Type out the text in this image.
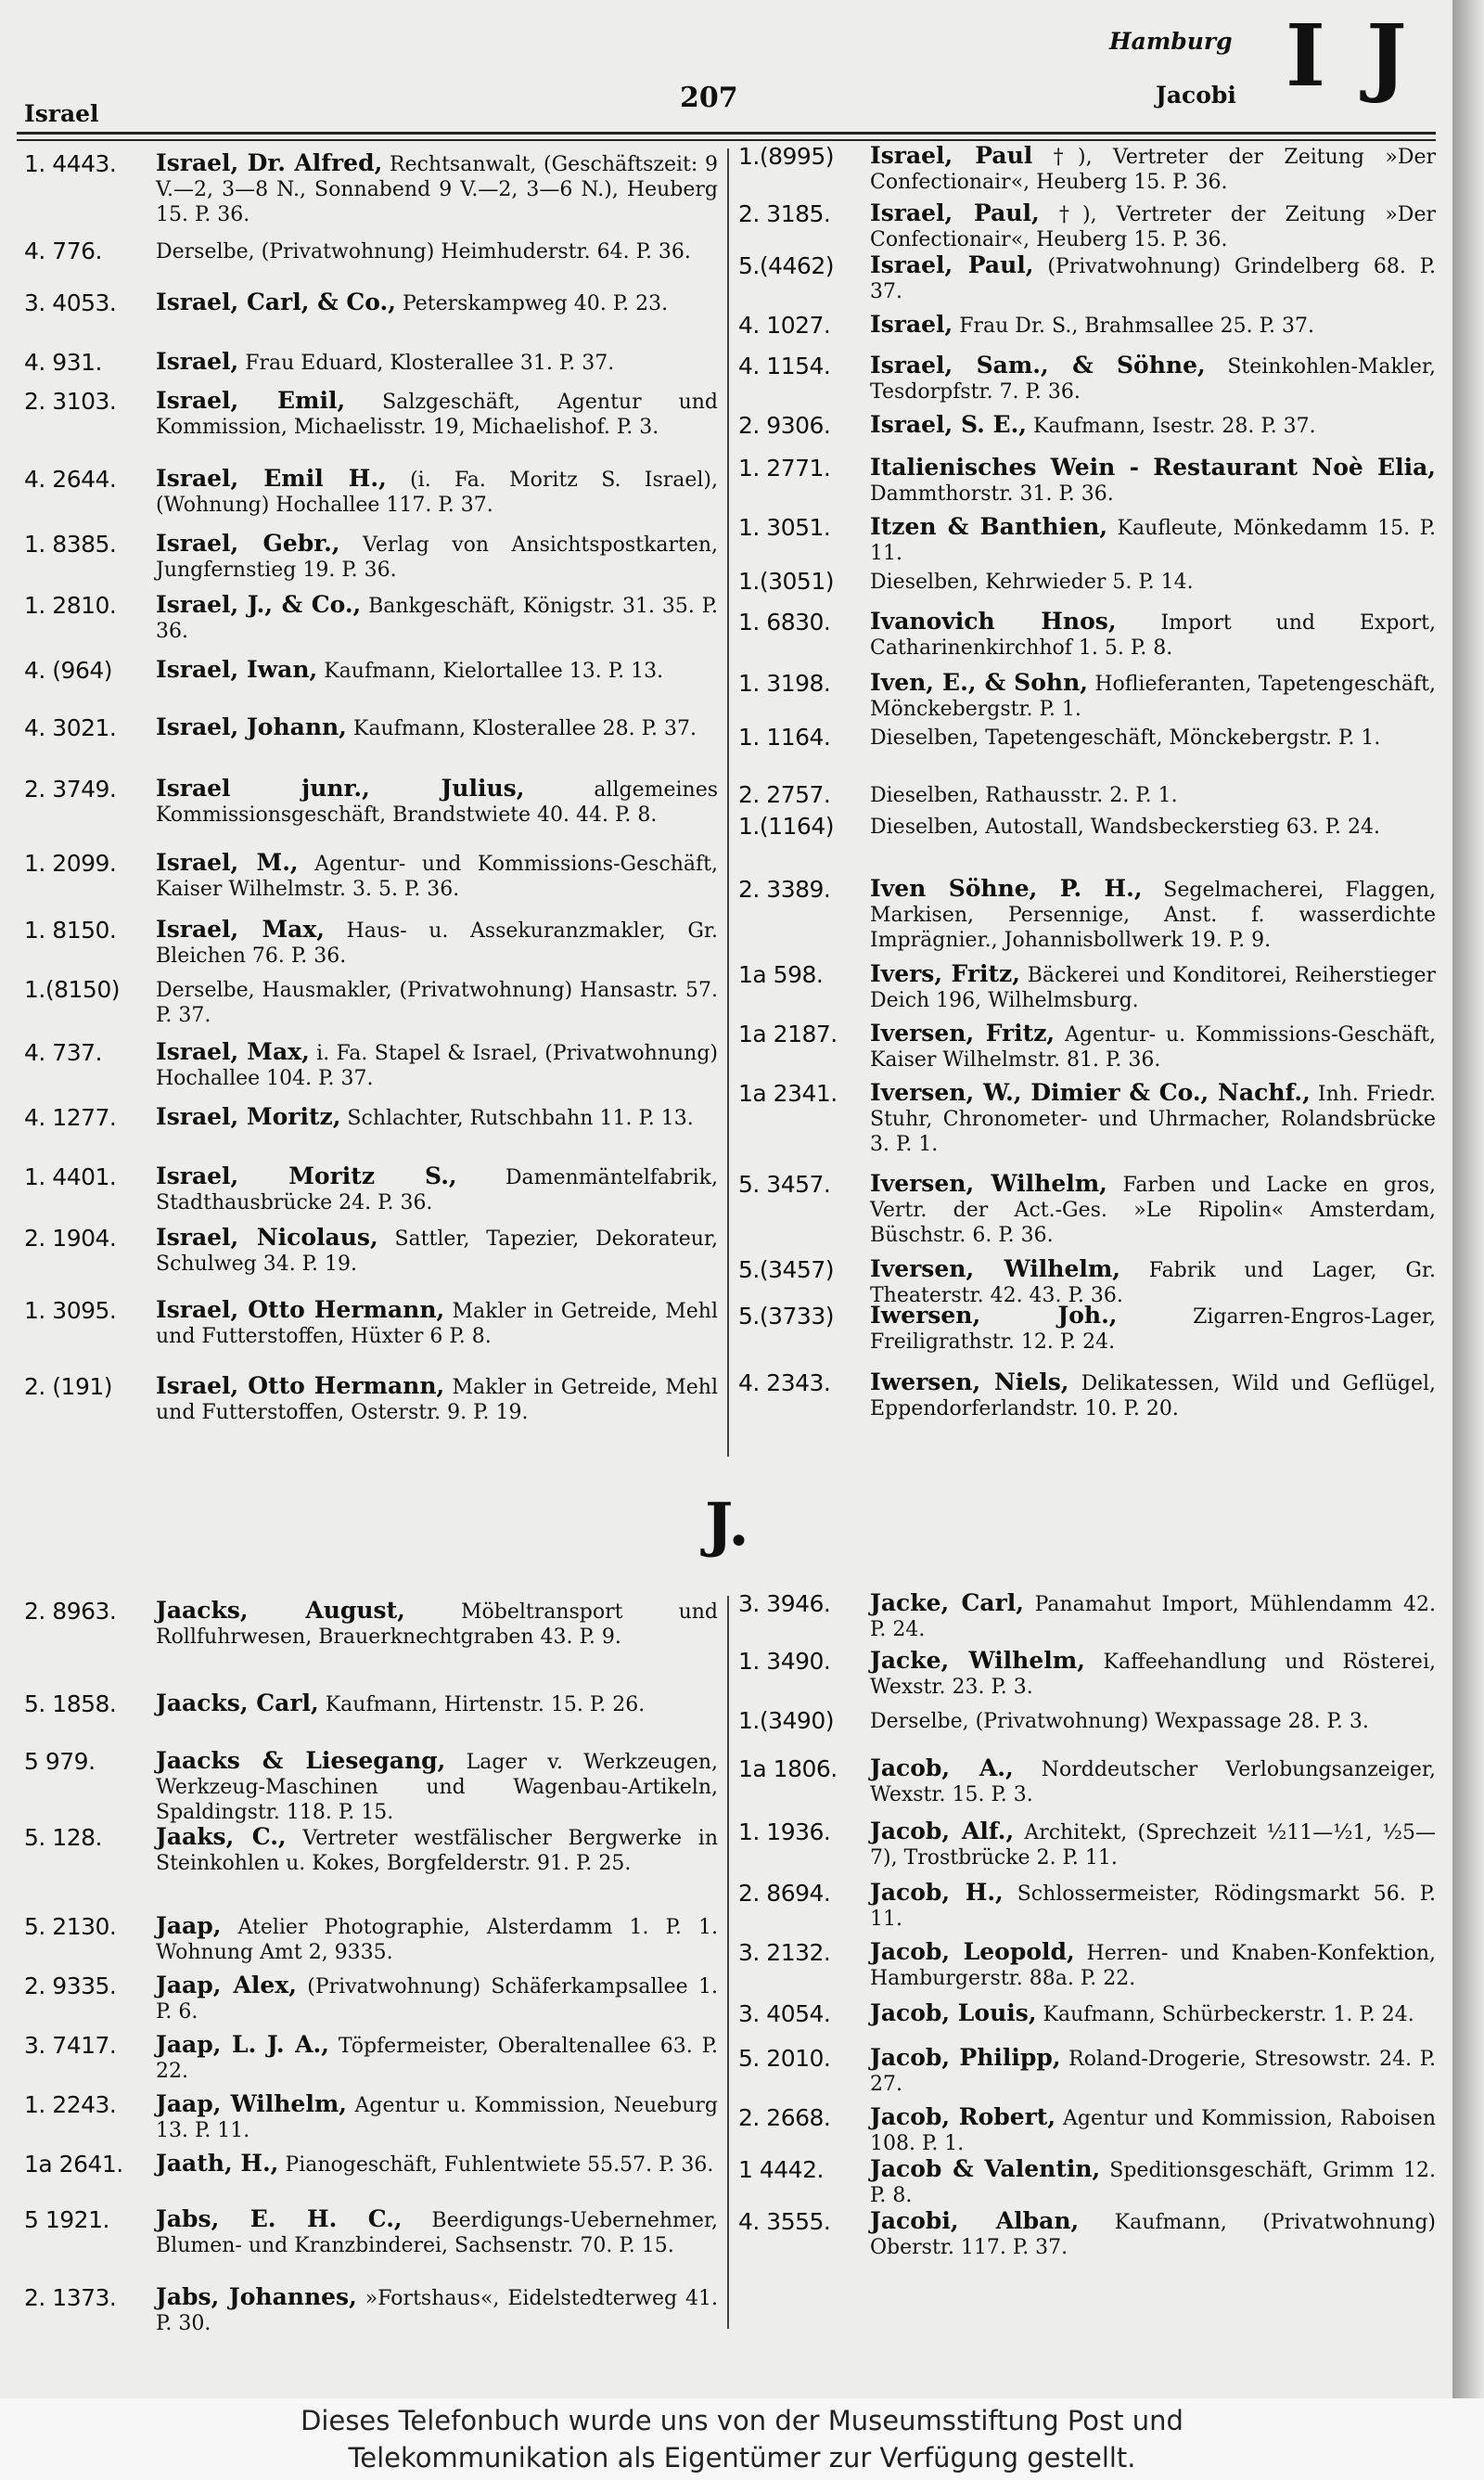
Israel	207
Hamburg
Jacobi I J
1. 4443.	Israel, Dr. Alfred, Rechtsanwalt, (Geschäftszeit: 9 V.—2, 3—8 N., Sonnabend 9 V.—2, 3—6 N.), Heuberg 15. P. 36.
4. 776.	Derselbe, (Privatwohnung) Heimhuderstr. 64. P. 36.
3. 4053.	Israel, Carl, & Co., Peterskampweg 40. P. 23.
4. 931.	Israel, Frau Eduard, Klosterallee 31. P. 37.
2. 3103.	Israel, Emil, Salzgeschäft, Agentur und Kommission, Michaelisstr. 19, Michaelishof. P. 3.
4. 2644.	Israel, Emil H., (i. Fa. Moritz S. Israel), (Wohnung) Hochallee 117. P. 37.
1. 8385.	Israel, Gebr., Verlag von Ansichtspostkarten, Jungfernstieg 19. P. 36.
1. 2810.	Israel, J., & Co., Bankgeschäft, Königstr. 31. 35. P. 36.
4. (964)	Israel, Iwan, Kaufmann, Kielortallee 13. P. 13.
4. 3021.	Israel, Johann, Kaufmann, Klosterallee 28. P. 37.
2. 3749.	Israel junr., Julius,	allgemeines Kommissionsgeschäft, Brandstwiete 40. 44. P. 8.
1. 2099.	Israel, M., Agentur- und Kommissions-Geschäft, Kaiser Wilhelmstr. 3. 5. P. 36.
1. 8150.	Israel, Max, Haus- u. Assekuranzmakler, Gr. Bleichen 76. P. 36.
1.(8150)	Derselbe, Hausmakler, (Privatwohnung) Hansastr. 57. P. 37.
4. 737.	Israel, Max, i. Fa. Stapel & Israel, (Privatwohnung) Hochallee 104. P. 37.
4. 1277.	Israel, Moritz, Schlachter, Rutschbahn 11. P. 13.
1. 4401.	Israel, Moritz S., Damenmäntelfabrik, Stadthausbrücke 24. P. 36.
2. 1904.	Israel, Nicolaus, Sattler, Tapezier, Dekorateur, Schulweg 34. P. 19.
1. 3095.	Israel, Otto Hermann, Makler in Getreide, Mehl und Futterstoffen, Hüxter 6 P. 8.
2. (191)	Israel, Otto Hermann, Makler in Getreide, Mehl und Futterstoffen, Osterstr. 9. P. 19.
1.(8995)	Israel, Paul †), Vertreter der Zeitung »Der Confectionair«, Heuberg 15. P. 36.
2. 3185.	Israel, Paul, †), Vertreter der Zeitung »Der Confectionair«, Heuberg 15. P. 36.
5.(4462)	Israel, Paul, (Privatwohnung) Grindelberg 68. P. 37.
4. 1027.	Israel, Frau Dr. S., Brahmsallee 25. P. 37.
4. 1154.	Israel, Sam., & Söhne, Steinkohlen-Makler, Tesdorpfstr. 7. P. 36.
2. 9306.	Israel, S. E., Kaufmann, Isestr. 28. P. 37.
1. 2771.	Italienisches Wein - Restaurant Noè Elia, Dammthorstr. 31. P. 36.
1. 3051.	Itzen & Banthien, Kaufleute, Mönkedamm 15. P. 11.
1.(3051)	Dieselben, Kehrwieder 5. P. 14.
1. 6830.	Ivanovich Hnos, Import und Export, Catharinenkirchhof 1. 5. P. 8.
1. 3198.	Iven, E., & Sohn, Hoflieferanten, Tapetengeschäft, Mönckebergstr. P. 1.
1. 1164.	Dieselben, Tapetengeschäft, Mönckebergstr. P. 1.
2. 2757.	Dieselben, Rathausstr. 2. P. 1.
1.(1164)	Dieselben, Autostall, Wandsbeckerstieg 63. P. 24.
2. 3389.	Iven Söhne, P. H., Segelmacherei, Flaggen, Markisen, Persennige, Anst. f. wasserdichte Imprägnier., Johannisbollwerk 19. P. 9.
1a 598.	Ivers, Fritz, Bäckerei und Konditorei, Reiherstieger Deich 196, Wilhelmsburg.
1a 2187.	Iversen, Fritz, Agentur- u. Kommissions-Geschäft, Kaiser Wilhelmstr. 81. P. 36.
1a 2341.	Iversen, W., Dimier & Co., Nachf., Inh. Friedr. Stuhr, Chronometer- und Uhrmacher, Rolandsbrücke 3. P. 1.
5. 3457.	Iversen, Wilhelm, Farben und Lacke en gros, Vertr. der Act.-Ges. »Le Ripolin« Amsterdam, Büschstr. 6. P. 36.
5.(3457)	Iversen, Wilhelm, Fabrik und Lager, Gr. Theaterstr. 42. 43. P. 36.
5.(3733)	Iwersen, Joh.,	Zigarren-Engros-Lager, Freiligrathstr. 12. P. 24.
4. 2343.	Iwersen, Niels, Delikatessen, Wild und Geflügel, Eppendorferlandstr. 10. P. 20.
J.
2. 8963.	Jaacks, August,	Möbeltransport und Rollfuhrwesen, Brauerknechtgraben 43. P. 9.
5. 1858.	Jaacks, Carl, Kaufmann, Hirtenstr. 15. P. 26.
5 979.	Jaacks & Liesegang, Lager v. Werkzeugen, Werkzeug-Maschinen und Wagenbau-Artikeln, Spaldingstr. 118. P. 15.
5. 128.	Jaaks, C., Vertreter westfälischer Bergwerke in Steinkohlen u. Kokes, Borgfelderstr. 91. P. 25.
5. 2130.	Jaap, Atelier Photographie, Alsterdamm 1. P. 1. Wohnung Amt 2, 9335.
2. 9335.	Jaap, Alex, (Privatwohnung) Schäferkampsallee 1. P. 6.
3. 7417.	Jaap, L. J. A., Töpfermeister, Oberaltenallee 63. P. 22.
1. 2243.	Jaap, Wilhelm, Agentur u. Kommission, Neueburg 13. P. 11.
1a 2641.	Jaath, H., Pianogeschäft, Fuhlentwiete 55.57. P. 36.
5 1921.	Jabs, E. H. C., Beerdigungs-Uebernehmer, Blumen- und Kranzbinderei, Sachsenstr. 70. P. 15.
2. 1373.	Jabs, Johannes, »Fortshaus«, Eidelstedterweg 41. P. 30.
3. 3946.	Jacke, Carl, Panamahut Import, Mühlendamm 42. P. 24.
1. 3490.	Jacke, Wilhelm, Kaffeehandlung und Rösterei, Wexstr. 23. P. 3.
1.(3490)	Derselbe, (Privatwohnung) Wexpassage 28. P. 3.
1a 1806.	Jacob, A., Norddeutscher Verlobungsanzeiger, Wexstr. 15. P. 3.
1. 1936.	Jacob, Alf., Architekt, (Sprechzeit ½11—½1, ½5—7), Trostbrücke 2. P. 11.
2. 8694.	Jacob, H., Schlossermeister, Rödingsmarkt 56. P. 11.
3. 2132.	Jacob, Leopold, Herren- und Knaben-Konfektion, Hamburgerstr. 88a. P. 22.
3. 4054.	Jacob, Louis, Kaufmann, Schürbeckerstr. 1. P. 24.
5. 2010.	Jacob, Philipp, Roland-Drogerie, Stresowstr. 24. P. 27.
2. 2668.	Jacob, Robert, Agentur und Kommission, Raboisen 108. P. 1.
1 4442.	Jacob & Valentin, Speditionsgeschäft, Grimm 12. P. 8.
4. 3555.	Jacobi, Alban, Kaufmann, (Privatwohnung) Oberstr. 117. P. 37.
Dieses Telefonbuch wurde uns von der Museumsstiftung Post und
Telekommunikation als Eigentümer zur Verfügung gestellt.
